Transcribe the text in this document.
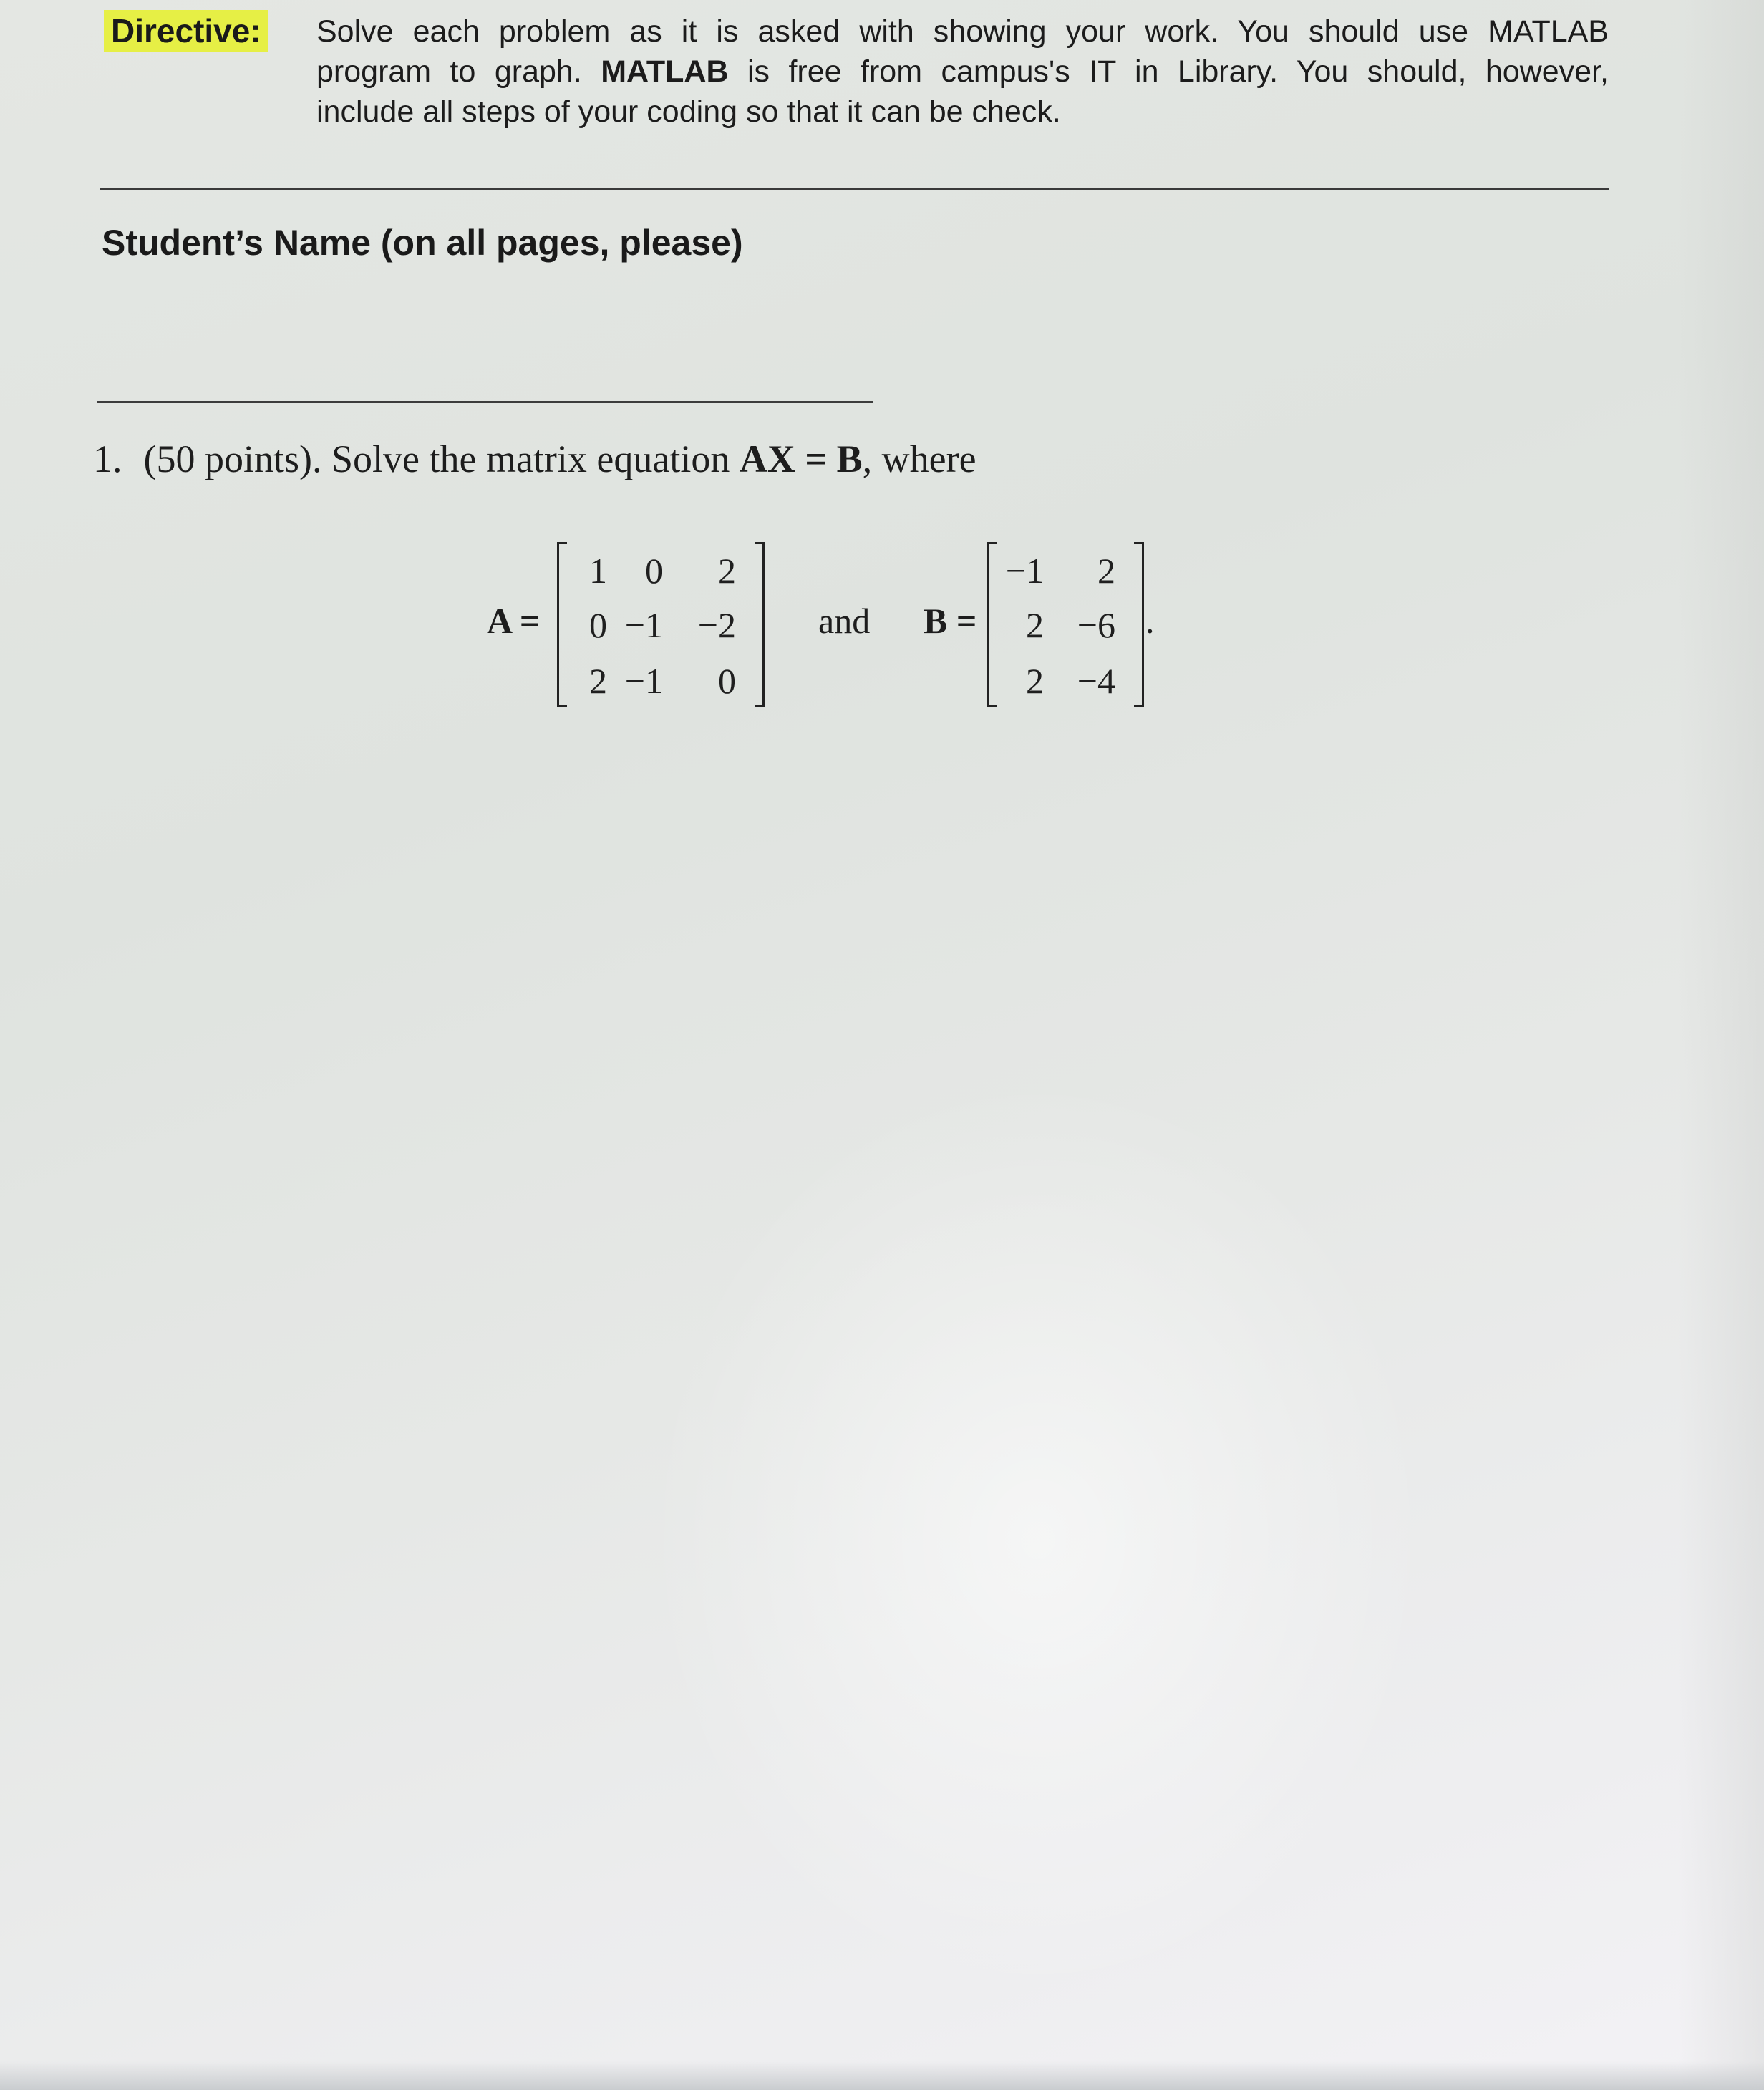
Directive: Solve each problem as it is asked with showing your work. You should use MATLAB
program to graph. MATLAB is free from campus's IT in Library. You should, however,
include all steps of your coding so that it can be check.
Student’s Name (on all pages, please)
1. (50 points). Solve the matrix equation AX = B, where
A =
1	0	2
0 −1 −2
2 −1	0
and B =
−1	2
2 −6
2 −4
.
